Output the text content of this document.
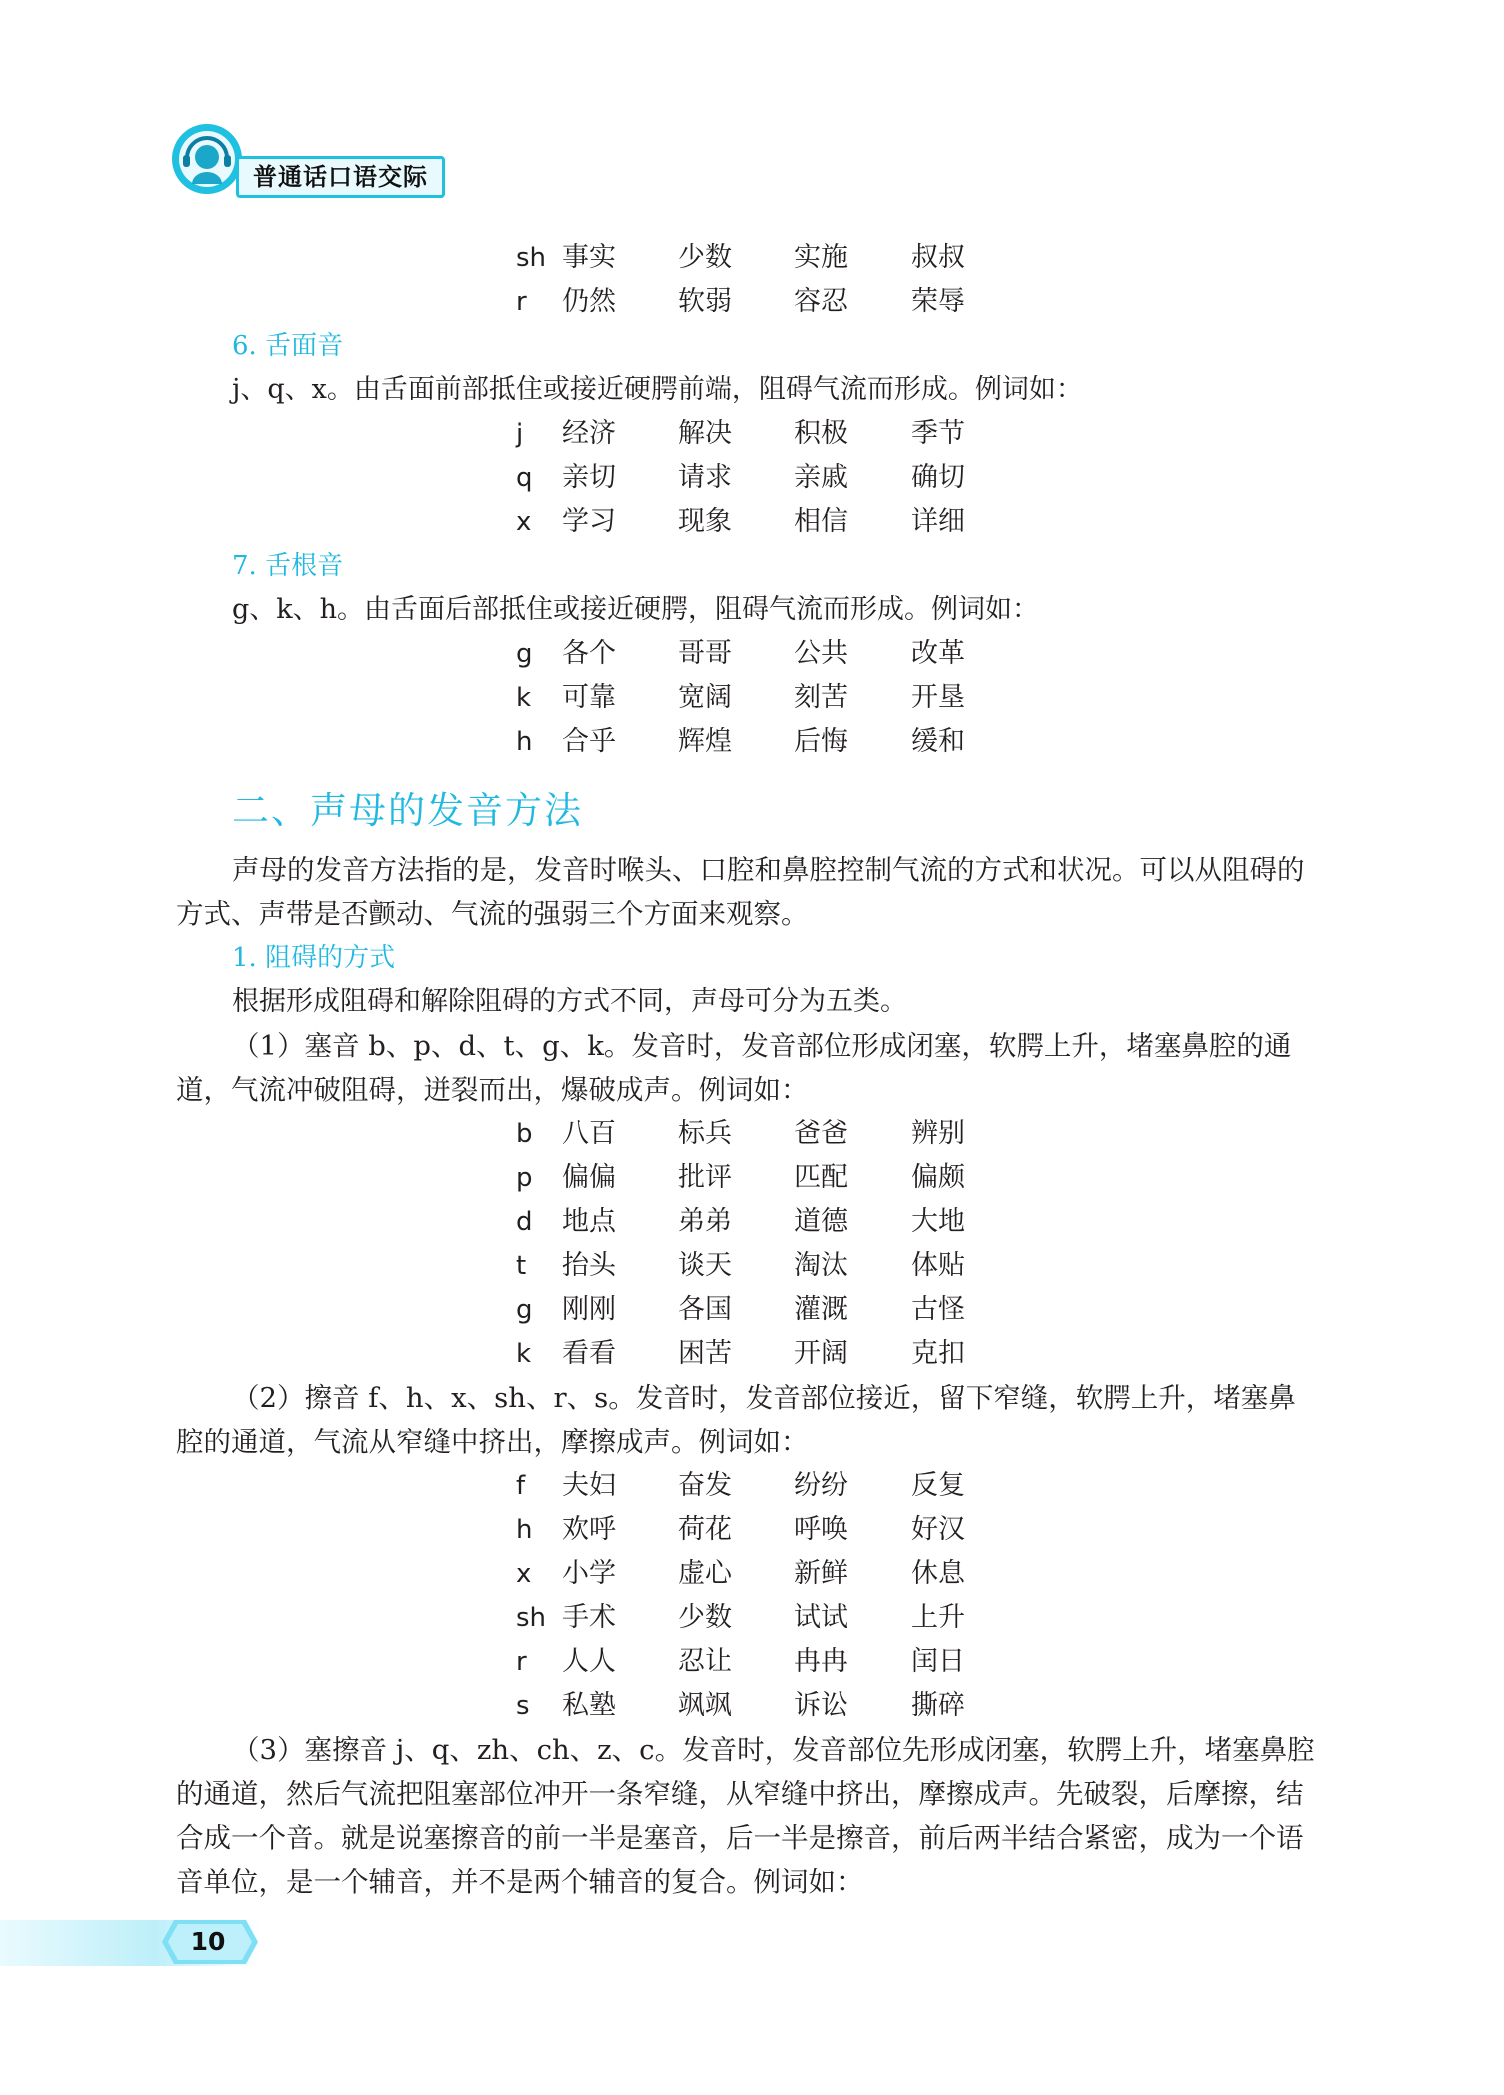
普通话口语交际
sh 事实 少数 实施 叔叔
r 仍然 软弱 容忍 荣辱
6. 舌面音
j、q、x。由舌面前部抵住或接近硬腭前端，阻碍气流而形成。例词如：
j 经济 解决 积极 季节
q 亲切 请求 亲戚 确切
x 学习 现象 相信 详细
7. 舌根音
g、k、h。由舌面后部抵住或接近硬腭，阻碍气流而形成。例词如：
g 各个 哥哥 公共 改革
k 可靠 宽阔 刻苦 开垦
h 合乎 辉煌 后悔 缓和
二、声母的发音方法
声母的发音方法指的是，发音时喉头、口腔和鼻腔控制气流的方式和状况。可以从阻碍的方式、声带是否颤动、气流的强弱三个方面来观察。
1. 阻碍的方式
根据形成阻碍和解除阻碍的方式不同，声母可分为五类。
（1）塞音 b、p、d、t、g、k。发音时，发音部位形成闭塞，软腭上升，堵塞鼻腔的通道，气流冲破阻碍，迸裂而出，爆破成声。例词如：
b 八百 标兵 爸爸 辨别
p 偏偏 批评 匹配 偏颇
d 地点 弟弟 道德 大地
t 抬头 谈天 淘汰 体贴
g 刚刚 各国 灌溉 古怪
k 看看 困苦 开阔 克扣
（2）擦音 f、h、x、sh、r、s。发音时，发音部位接近，留下窄缝，软腭上升，堵塞鼻腔的通道，气流从窄缝中挤出，摩擦成声。例词如：
f 夫妇 奋发 纷纷 反复
h 欢呼 荷花 呼唤 好汉
x 小学 虚心 新鲜 休息
sh 手术 少数 试试 上升
r 人人 忍让 冉冉 闰日
s 私塾 飒飒 诉讼 撕碎
（3）塞擦音 j、q、zh、ch、z、c。发音时，发音部位先形成闭塞，软腭上升，堵塞鼻腔的通道，然后气流把阻塞部位冲开一条窄缝，从窄缝中挤出，摩擦成声。先破裂，后摩擦，结合成一个音。就是说塞擦音的前一半是塞音，后一半是擦音，前后两半结合紧密，成为一个语音单位，是一个辅音，并不是两个辅音的复合。例词如：
10
